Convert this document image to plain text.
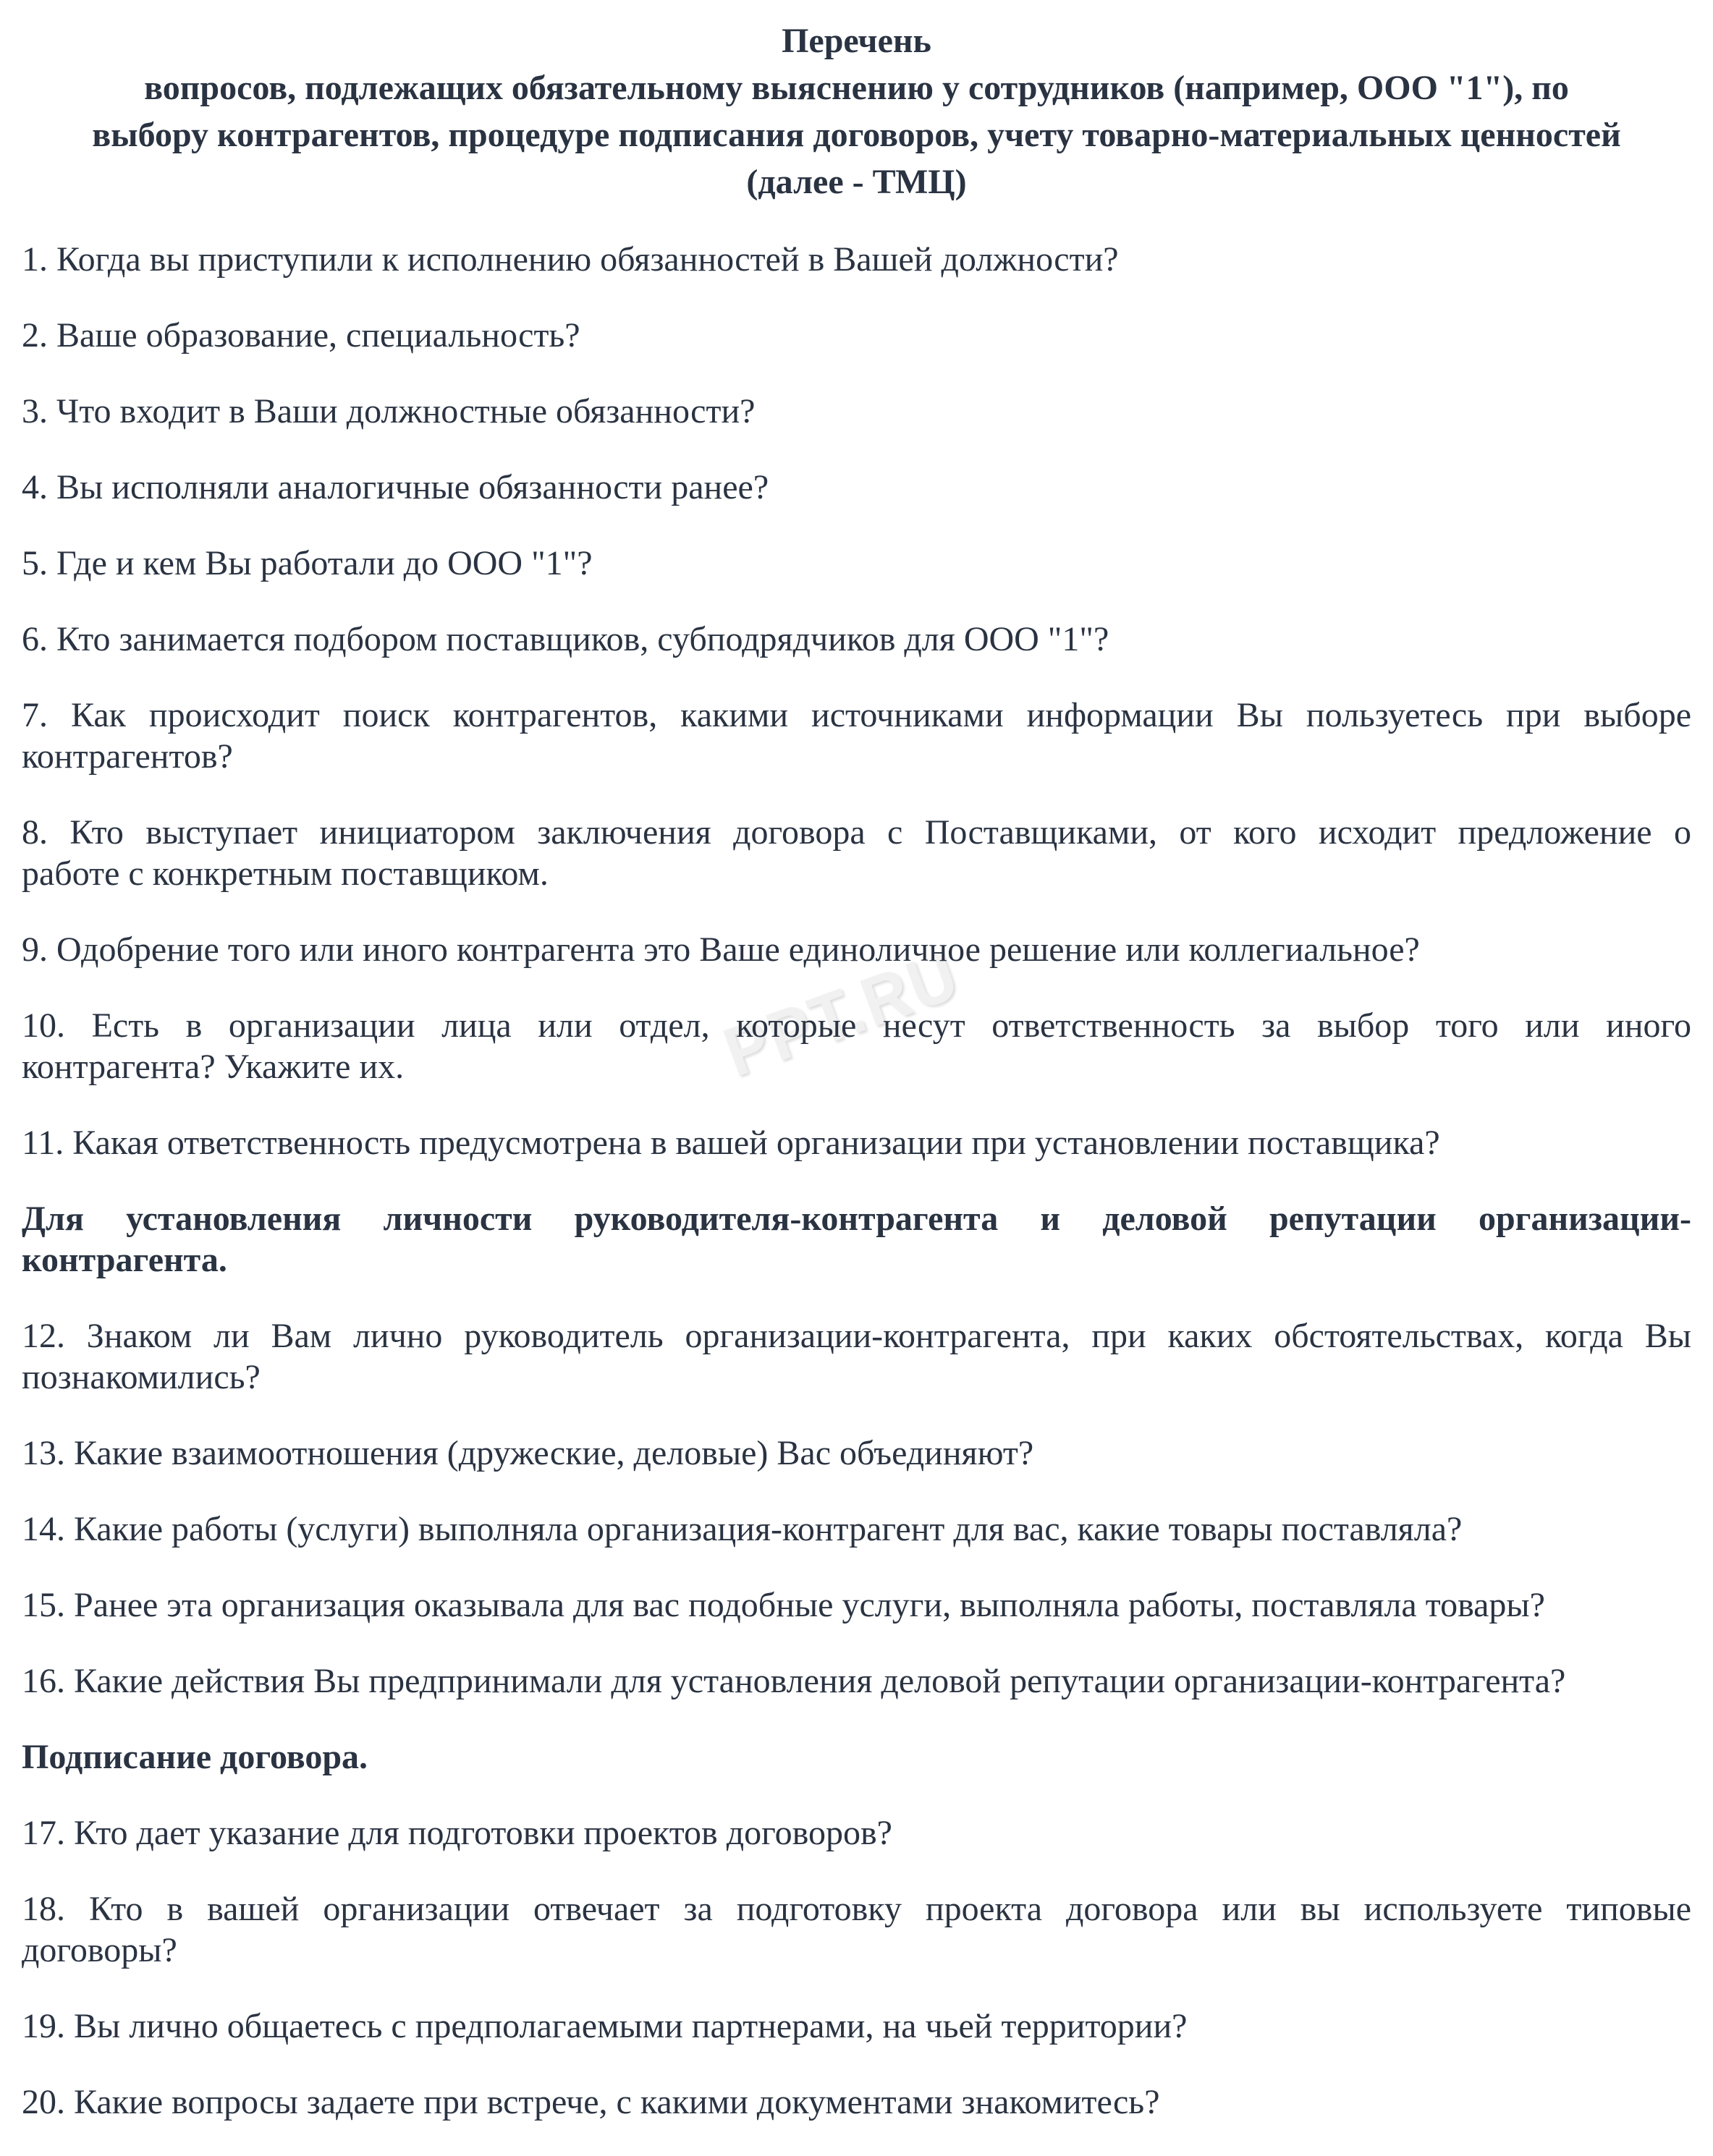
PPT.RU
Перечень
вопросов, подлежащих обязательному выяснению у сотрудников (например, ООО "1"), по
выбору контрагентов, процедуре подписания договоров, учету товарно-материальных ценностей
(далее - ТМЦ)

1. Когда вы приступили к исполнению обязанностей в Вашей должности?

2. Ваше образование, специальность?

3. Что входит в Ваши должностные обязанности?

4. Вы исполняли аналогичные обязанности ранее?

5. Где и кем Вы работали до ООО "1"?

6. Кто занимается подбором поставщиков, субподрядчиков для ООО "1"?

7. Как происходит поиск контрагентов, какими источниками информации Вы пользуетесь при выборе
контрагентов?

8. Кто выступает инициатором заключения договора с Поставщиками, от кого исходит предложение о
работе с конкретным поставщиком.

9. Одобрение того или иного контрагента это Ваше единоличное решение или коллегиальное?

10. Есть в организации лица или отдел, которые несут ответственность за выбор того или иного
контрагента? Укажите их.

11. Какая ответственность предусмотрена в вашей организации при установлении поставщика?

Для установления личности руководителя-контрагента и деловой репутации организации-
контрагента.

12. Знаком ли Вам лично руководитель организации-контрагента, при каких обстоятельствах, когда Вы
познакомились?

13. Какие взаимоотношения (дружеские, деловые) Вас объединяют?

14. Какие работы (услуги) выполняла организация-контрагент для вас, какие товары поставляла?

15. Ранее эта организация оказывала для вас подобные услуги, выполняла работы, поставляла товары?

16. Какие действия Вы предпринимали для установления деловой репутации организации-контрагента?

Подписание договора.

17. Кто дает указание для подготовки проектов договоров?

18. Кто в вашей организации отвечает за подготовку проекта договора или вы используете типовые
договоры?

19. Вы лично общаетесь с предполагаемыми партнерами, на чьей территории?

20. Какие вопросы задаете при встрече, с какими документами знакомитесь?
